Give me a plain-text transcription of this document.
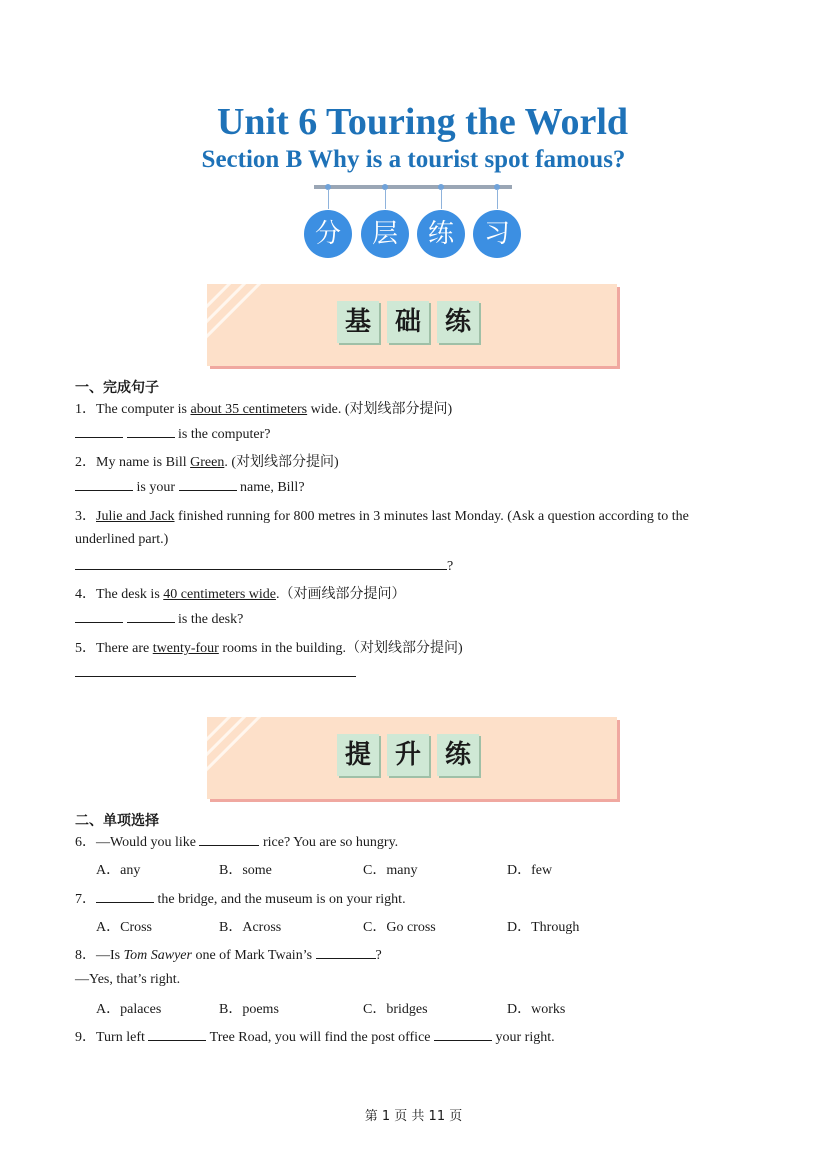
Unit 6 Touring the World
Section B Why is a tourist spot famous?
分	层	练	习
基 础 练
一、完成句子
1．The computer is about 35 centimeters wide. (对划线部分提问)
is the computer?
2．My name is Bill Green. (对划线部分提问)
is your	name, Bill?
3．Julie and Jack finished running for 800 metres in 3 minutes last Monday. (Ask a question according to the
underlined part.)
?
4．The desk is 40 centimeters wide.（对画线部分提问）
is the desk?
5．There are twenty-four rooms in the building.（对划线部分提问)
提 升 练
二、单项选择
6．—Would you like	rice? You are so hungry.
A．any	B．some	C．many	D．few
7．	the bridge, and the museum is on your right.
A．Cross	B．Across	C．Go cross	D．Through
8．—Is Tom Sawyer one of Mark Twain’s	?
—Yes, that’s right.
A．palaces	B．poems	C．bridges	D．works
9．Turn left	Tree Road, you will find the post office	your right.
第 1 页 共 11 页
